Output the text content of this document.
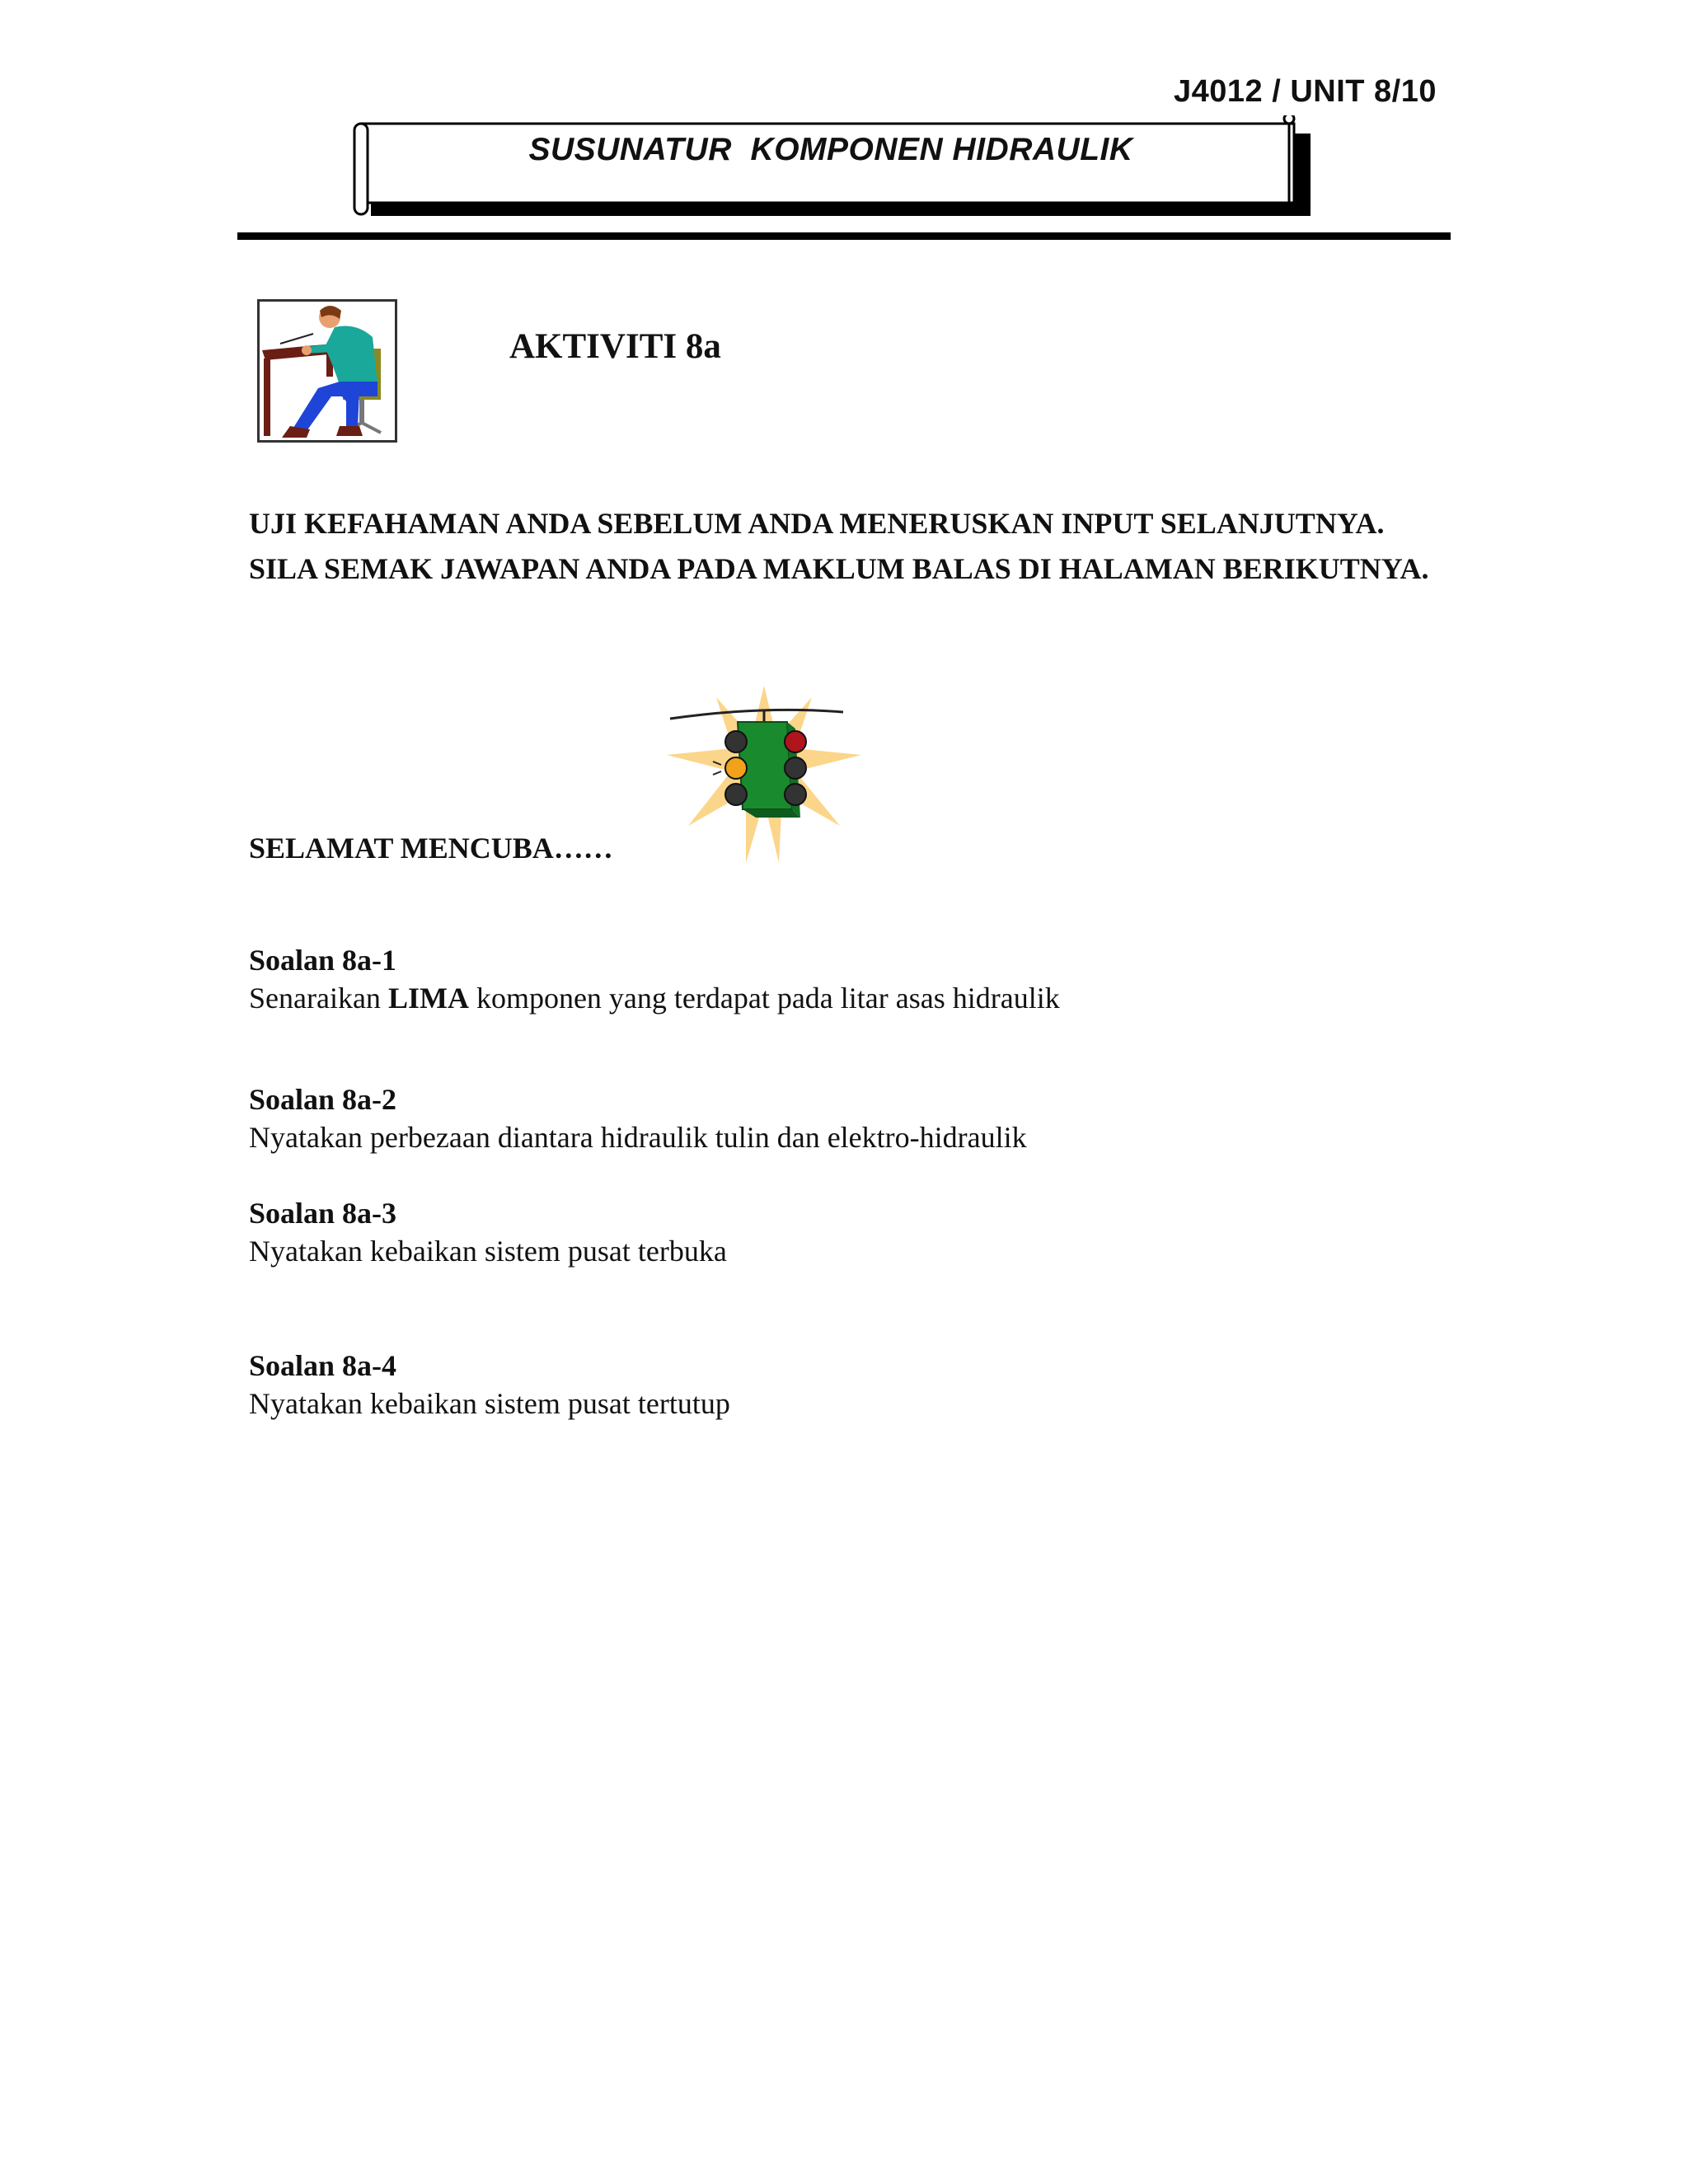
J4012 / UNIT 8/10
SUSUNATUR  KOMPONEN HIDRAULIK
AKTIVITI 8a

UJI KEFAHAMAN ANDA SEBELUM ANDA MENERUSKAN INPUT SELANJUTNYA.

SILA SEMAK JAWAPAN ANDA PADA MAKLUM BALAS DI HALAMAN BERIKUTNYA.

SELAMAT MENCUBA……
Soalan 8a-1
Senaraikan LIMA komponen yang terdapat pada litar asas hidraulik
Soalan 8a-2
Nyatakan perbezaan diantara hidraulik tulin dan elektro-hidraulik
Soalan 8a-3
Nyatakan kebaikan sistem pusat terbuka
Soalan 8a-4
Nyatakan kebaikan sistem pusat tertutup
